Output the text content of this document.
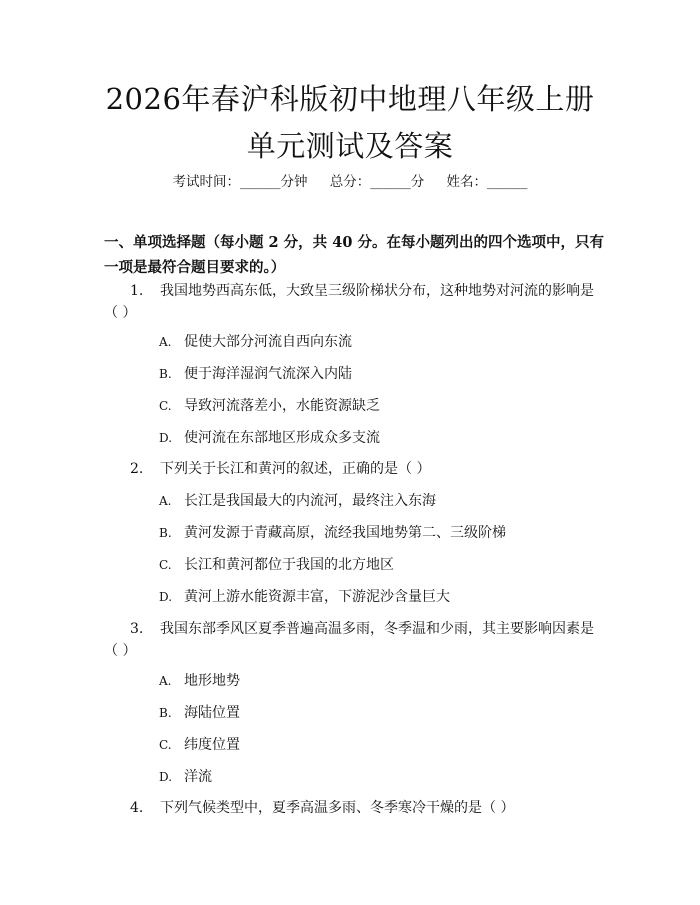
2026年春沪科版初中地理八年级上册单元测试及答案
考试时间：______分钟 总分：______分 姓名：______
一、单项选择题（每小题 2 分，共 40 分。在每小题列出的四个选项中，只有一项是最符合题目要求的。）
1. 我国地势西高东低，大致呈三级阶梯状分布，这种地势对河流的影响是（ ）
A. 促使大部分河流自西向东流
B. 便于海洋湿润气流深入内陆
C. 导致河流落差小，水能资源缺乏
D. 使河流在东部地区形成众多支流
2. 下列关于长江和黄河的叙述，正确的是（ ）
A. 长江是我国最大的内流河，最终注入东海
B. 黄河发源于青藏高原，流经我国地势第二、三级阶梯
C. 长江和黄河都位于我国的北方地区
D. 黄河上游水能资源丰富，下游泥沙含量巨大
3. 我国东部季风区夏季普遍高温多雨，冬季温和少雨，其主要影响因素是（ ）
A. 地形地势
B. 海陆位置
C. 纬度位置
D. 洋流
4. 下列气候类型中，夏季高温多雨、冬季寒冷干燥的是（ ）
